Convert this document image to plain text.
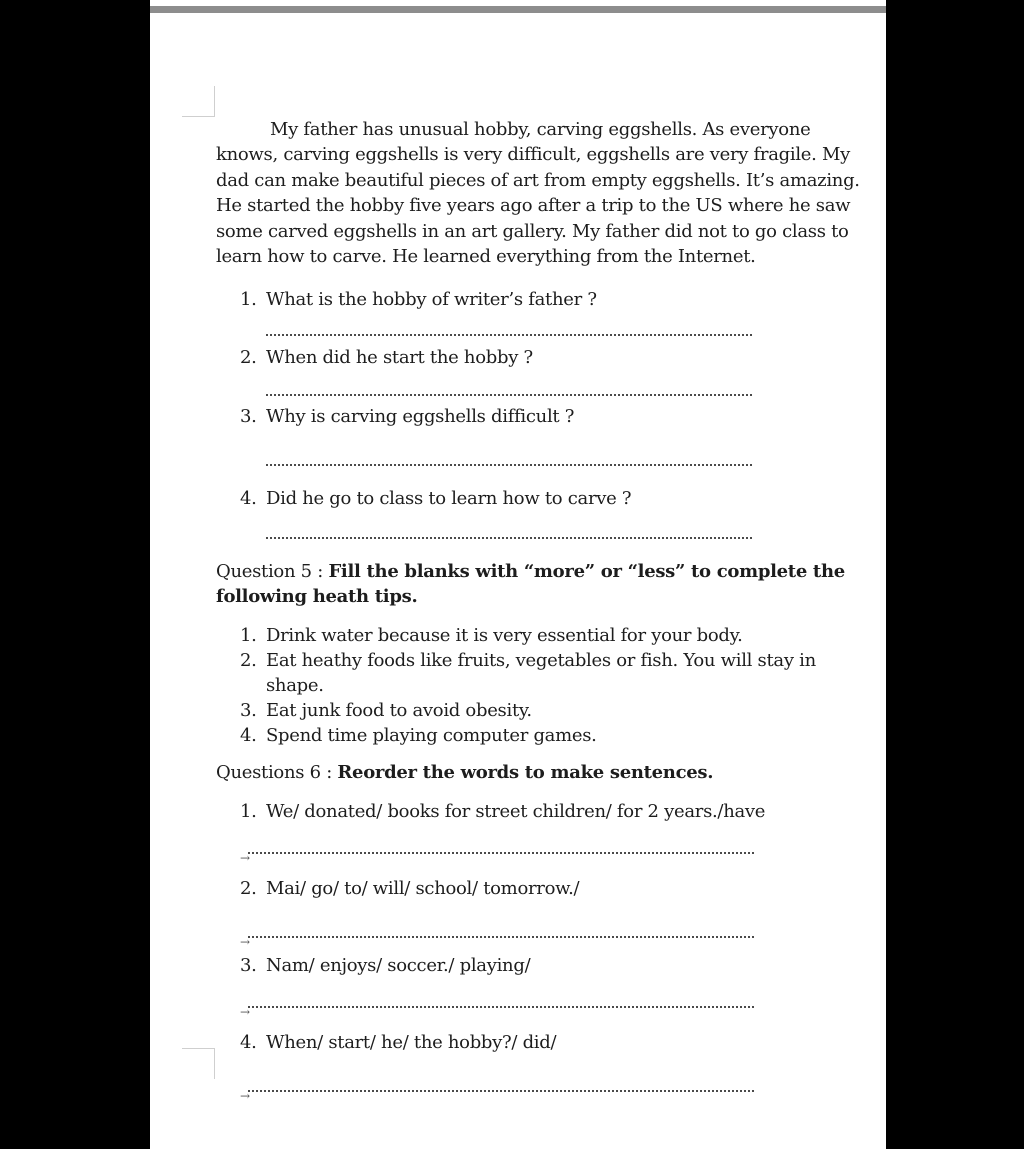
My father has unusual hobby, carving eggshells. As everyone
knows, carving eggshells is very difficult, eggshells are very fragile. My
dad can make beautiful pieces of art from empty eggshells. It’s amazing.
He started the hobby five years ago after a trip to the US where he saw
some carved eggshells in an art gallery. My father did not to go class to
learn how to carve. He learned everything from the Internet.

1. What is the hobby of writer’s father ?
2. When did he start the hobby ?
3. Why is carving eggshells difficult ?
4. Did he go to class to learn how to carve ?
Question 5 : Fill the blanks with “more” or “less” to complete the
following heath tips.
1. Drink water because it is very essential for your body.
2. Eat heathy foods like fruits, vegetables or fish. You will stay in
shape.
3. Eat junk food to avoid obesity.
4. Spend time playing computer games.
Questions 6 : Reorder the words to make sentences.
1. We/ donated/ books for street children/ for 2 years./have
→
2. Mai/ go/ to/ will/ school/ tomorrow./
→
3. Nam/ enjoys/ soccer./ playing/
→
4. When/ start/ he/ the hobby?/ did/
→
